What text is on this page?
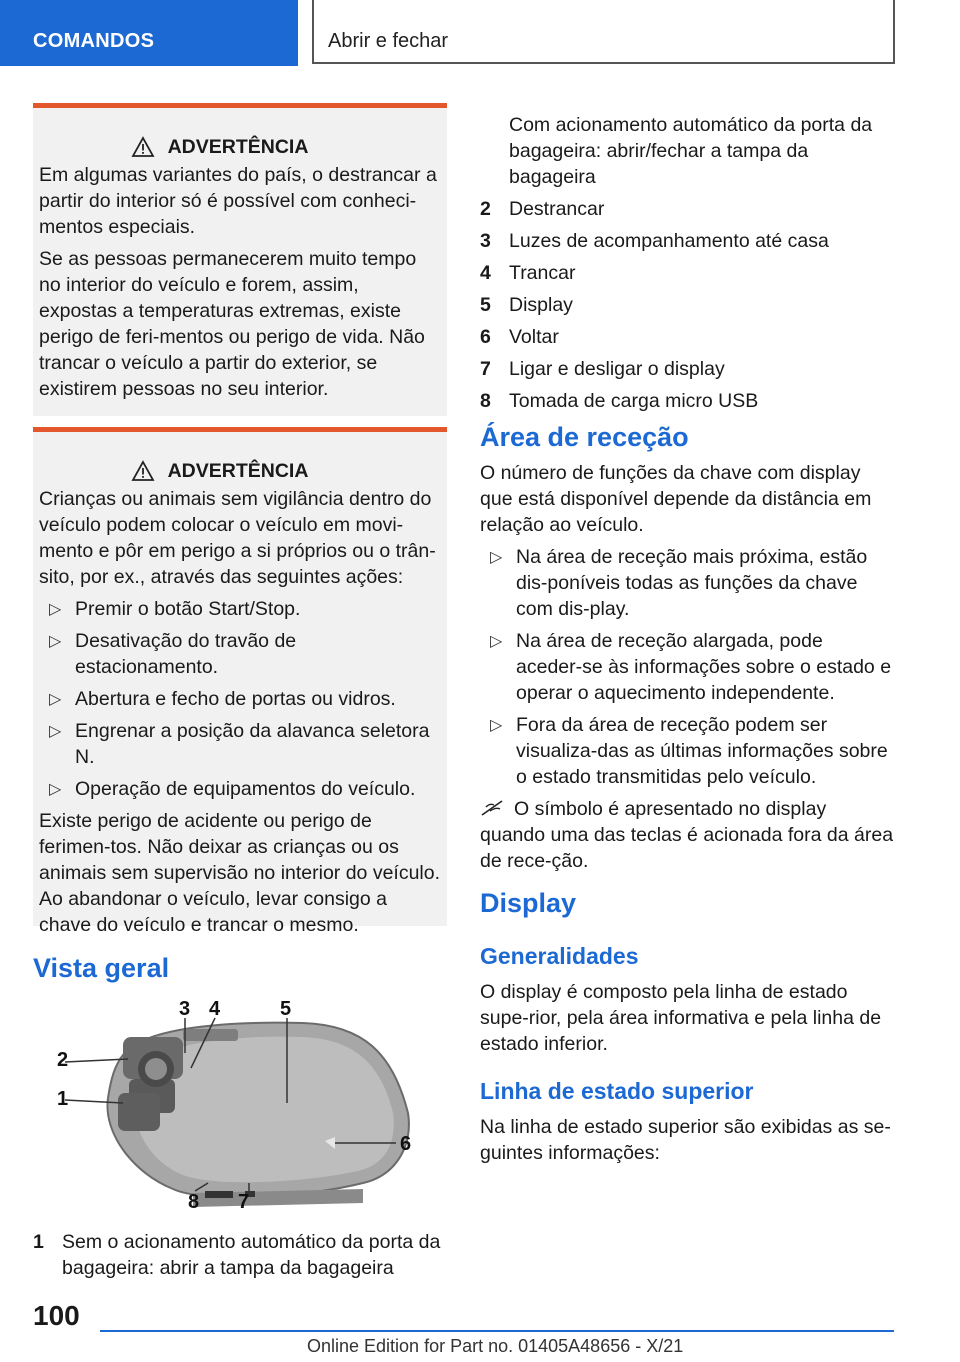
COMANDOS	Abrir e fechar
ADVERTÊNCIA

Em algumas variantes do país, o destrancar a partir do interior só é possível com conheci-mentos especiais.

Se as pessoas permanecerem muito tempo no interior do veículo e forem, assim, expostas a temperaturas extremas, existe perigo de feri-mentos ou perigo de vida. Não trancar o veículo a partir do exterior, se existirem pessoas no seu interior.

ADVERTÊNCIA

Crianças ou animais sem vigilância dentro do veículo podem colocar o veículo em movi-mento e pôr em perigo a si próprios ou o trân-sito, por ex., através das seguintes ações:

▷ Premir o botão Start/Stop.
▷ Desativação do travão de estacionamento.
▷ Abertura e fecho de portas ou vidros.
▷ Engrenar a posição da alavanca seletora N.
▷ Operação de equipamentos do veículo.

Existe perigo de acidente ou perigo de ferimen-tos. Não deixar as crianças ou os animais sem supervisão no interior do veículo. Ao abandonar o veículo, levar consigo a chave do veículo e trancar o mesmo.

Vista geral
1
2
3 4	5
6
7
8
1 Sem o acionamento automático da porta da bagageira: abrir a tampa da bagageira
Com acionamento automático da porta da bagageira: abrir/fechar a tampa da bagageira
2 Destrancar
3 Luzes de acompanhamento até casa
4 Trancar
5 Display
6 Voltar
7 Ligar e desligar o display
8 Tomada de carga micro USB
Área de receção

O número de funções da chave com display que está disponível depende da distância em relação ao veículo.

▷ Na área de receção mais próxima, estão dis-poníveis todas as funções da chave com dis-play.
▷ Na área de receção alargada, pode aceder-se às informações sobre o estado e operar o aquecimento independente.
▷ Fora da área de receção podem ser visualiza-das as últimas informações sobre o estado transmitidas pelo veículo.

O símbolo é apresentado no display quando uma das teclas é acionada fora da área de rece-ção.

Display
Generalidades

O display é composto pela linha de estado supe-rior, pela área informativa e pela linha de estado inferior.

Linha de estado superior

Na linha de estado superior são exibidas as se-guintes informações:

100
Online Edition for Part no. 01405A48656 - X/21
